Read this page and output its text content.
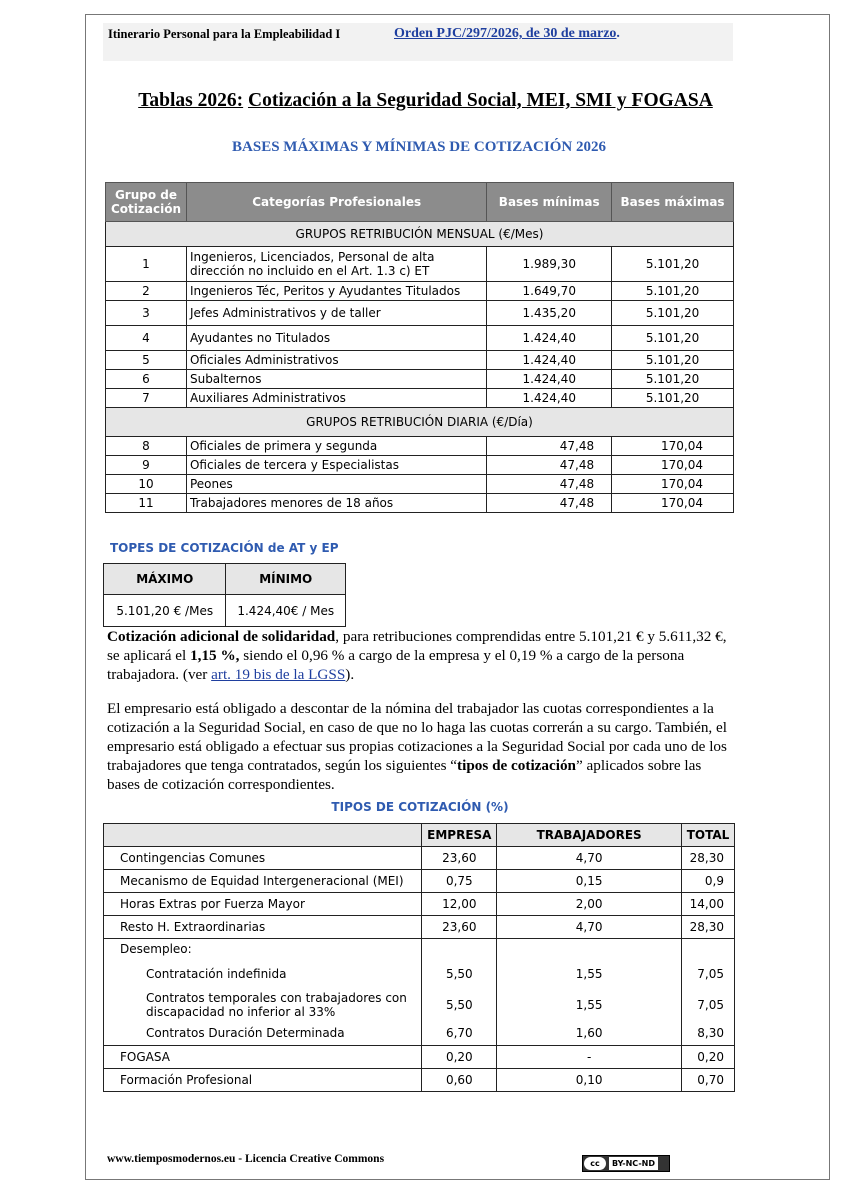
Itinerario Personal para la Empleabilidad I	Orden PJC/297/2026, de 30 de marzo.
Tablas 2026: Cotización a la Seguridad Social, MEI, SMI y FOGASA
BASES MÁXIMAS Y MÍNIMAS DE COTIZACIÓN 2026
Grupo de Cotización	Categorías Profesionales	Bases mínimas	Bases máximas
GRUPOS RETRIBUCIÓN MENSUAL (€/Mes)			
1	Ingenieros, Licenciados, Personal de alta dirección no incluido en el Art. 1.3 c) ET	1.989,30	5.101,20
2	Ingenieros Téc, Peritos y Ayudantes Titulados	1.649,70	5.101,20
3	Jefes Administrativos y de taller	1.435,20	5.101,20
4	Ayudantes no Titulados	1.424,40	5.101,20
5	Oficiales Administrativos	1.424,40	5.101,20
6	Subalternos	1.424,40	5.101,20
7	Auxiliares Administrativos	1.424,40	5.101,20
GRUPOS RETRIBUCIÓN DIARIA (€/Día)			
8	Oficiales de primera y segunda	47,48	170,04
9	Oficiales de tercera y Especialistas	47,48	170,04
10	Peones	47,48	170,04
11	Trabajadores menores de 18 años	47,48	170,04
TOPES DE COTIZACIÓN de AT y EP
MÁXIMO	MÍNIMO
5.101,20 € /Mes	1.424,40€ / Mes
Cotización adicional de solidaridad, para retribuciones comprendidas entre 5.101,21 € y 5.611,32 €, se aplicará el 1,15 %, siendo el 0,96 % a cargo de la empresa y el 0,19 % a cargo de la persona trabajadora. (ver art. 19 bis de la LGSS).
El empresario está obligado a descontar de la nómina del trabajador las cuotas correspondientes a la cotización a la Seguridad Social, en caso de que no lo haga las cuotas correrán a su cargo. También, el empresario está obligado a efectuar sus propias cotizaciones a la Seguridad Social por cada uno de los trabajadores que tenga contratados, según los siguientes “tipos de cotización” aplicados sobre las bases de cotización correspondientes.
TIPOS DE COTIZACIÓN (%)
	EMPRESA	TRABAJADORES	TOTAL
Contingencias Comunes	23,60	4,70	28,30
Mecanismo de Equidad Intergeneracional (MEI)	0,75	0,15	0,9
Horas Extras por Fuerza Mayor	12,00	2,00	14,00
Resto H. Extraordinarias	23,60	4,70	28,30
Desempleo:			
Contratación indefinida	5,50	1,55	7,05
Contratos temporales con trabajadores con discapacidad no inferior al 33%	5,50	1,55	7,05
Contratos Duración Determinada	6,70	1,60	8,30
FOGASA	0,20	-	0,20
Formación Profesional	0,60	0,10	0,70
www.tiemposmodernos.eu - Licencia Creative Commons	cc	BY-NC-ND
